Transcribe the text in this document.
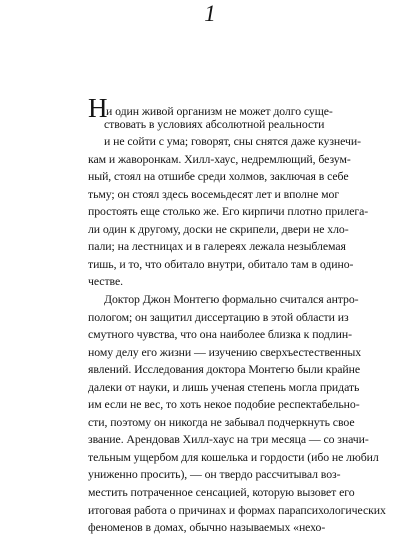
1
Н
и один живой организм не может долго суще-
ствовать в условиях абсолютной реальности
и не сойти с ума; говорят, сны снятся даже кузнечи-
кам и жаворонкам. Хилл-хаус, недремлющий, безум-
ный, стоял на отшибе среди холмов, заключая в себе
тьму; он стоял здесь восемьдесят лет и вполне мог
простоять еще столько же. Его кирпичи плотно прилега-
ли один к другому, доски не скрипели, двери не хло-
пали; на лестницах и в галереях лежала незыблемая
тишь, и то, что обитало внутри, обитало там в одино-
честве.
Доктор Джон Монтегю формально считался антро-
пологом; он защитил диссертацию в этой области из
смутного чувства, что она наиболее близка к подлин-
ному делу его жизни — изучению сверхъестественных
явлений. Исследования доктора Монтегю были крайне
далеки от науки, и лишь ученая степень могла придать
им если не вес, то хоть некое подобие респектабельно-
сти, поэтому он никогда не забывал подчеркнуть свое
звание. Арендовав Хилл-хаус на три месяца — со значи-
тельным ущербом для кошелька и гордости (ибо не любил
униженно просить), — он твердо рассчитывал воз-
местить потраченное сенсацией, которую вызовет его
итоговая работа о причинах и формах парапсихологических
феноменов в домах, обычно называемых «нехо-
